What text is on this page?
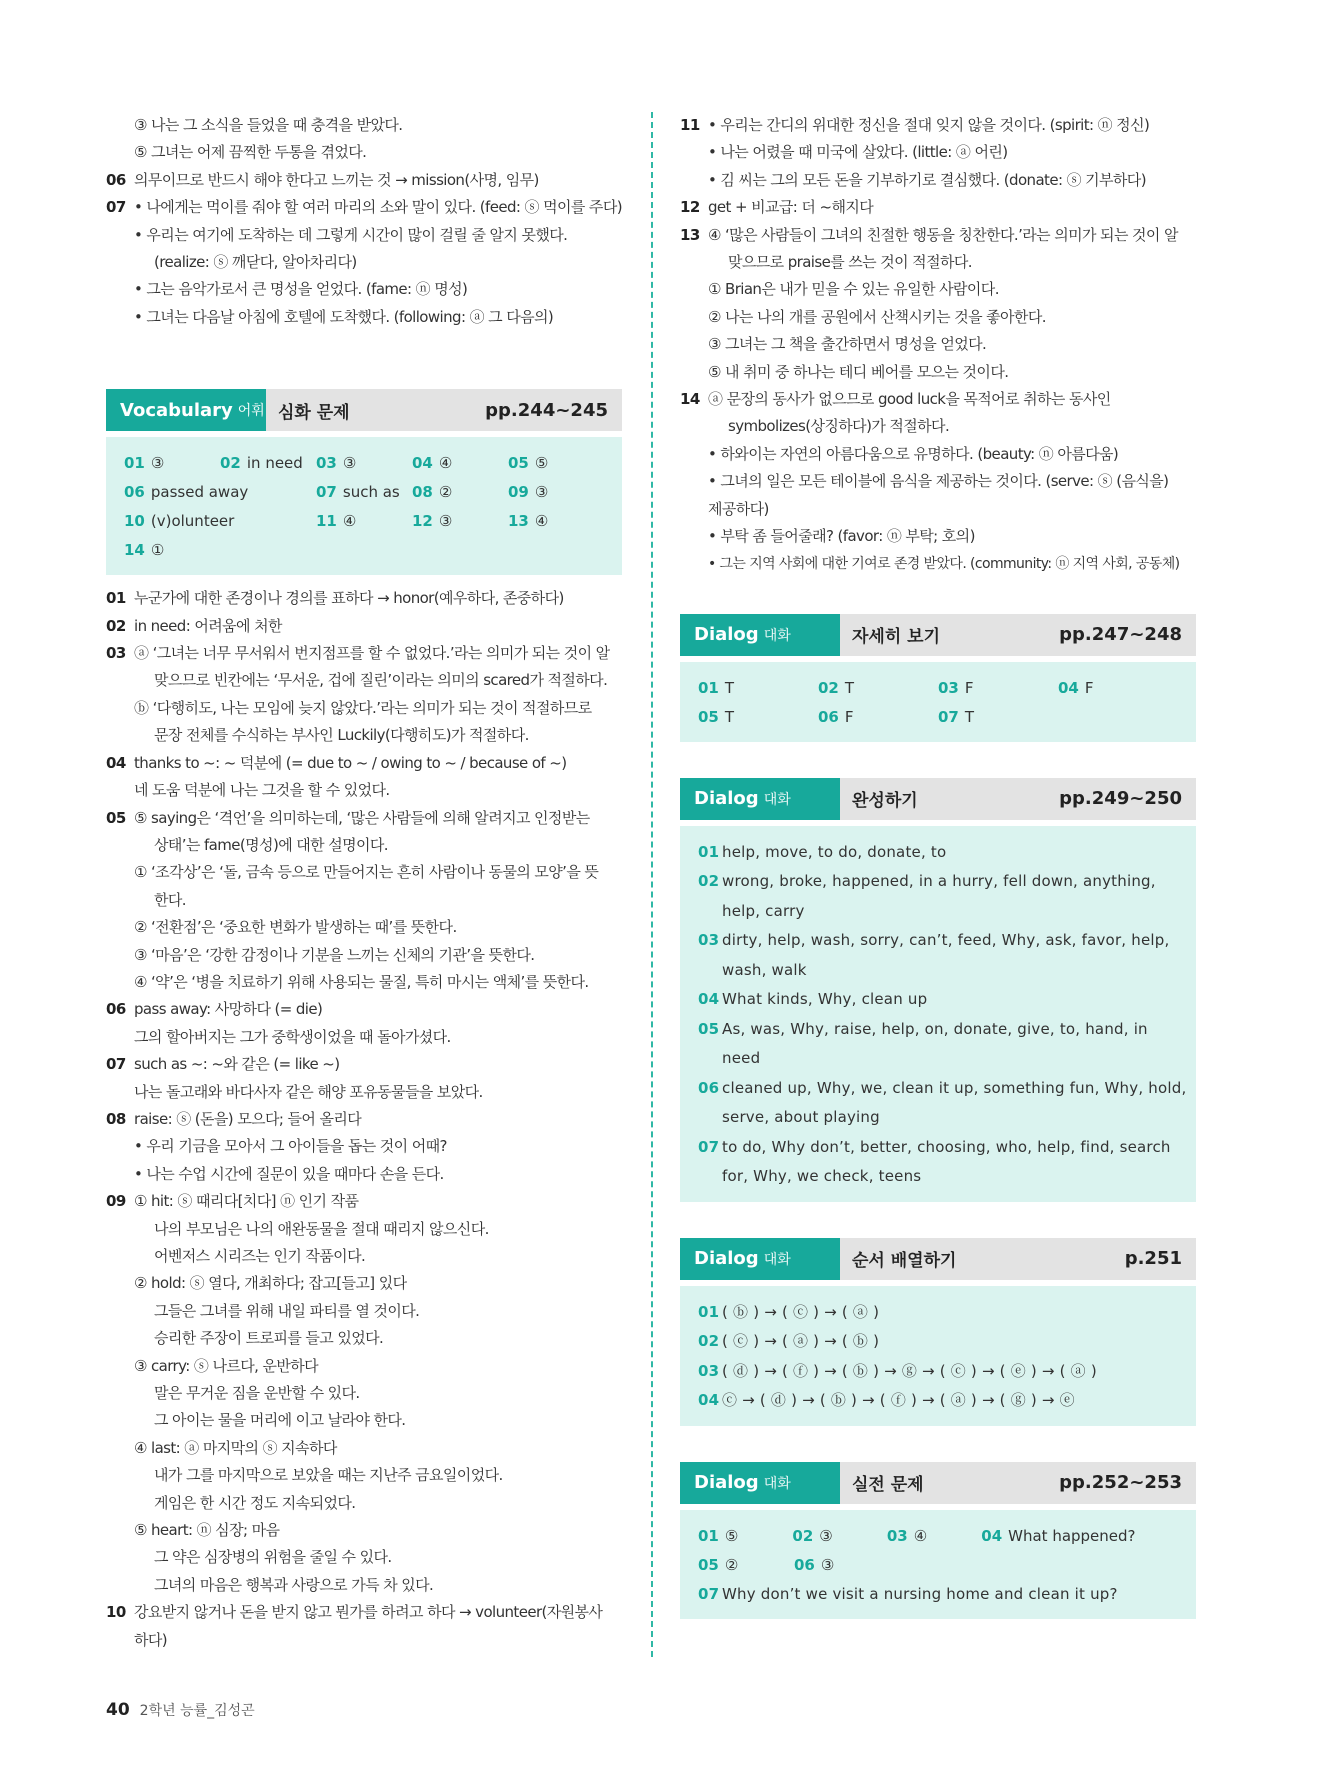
③ 나는 그 소식을 들었을 때 충격을 받았다.
⑤ 그녀는 어제 끔찍한 두통을 겪었다.
06 의무이므로 반드시 해야 한다고 느끼는 것 → mission(사명, 임무)
07 • 나에게는 먹이를 줘야 할 여러 마리의 소와 말이 있다. (feed: ⓢ 먹이를 주다)
• 우리는 여기에 도착하는 데 그렇게 시간이 많이 걸릴 줄 알지 못했다.
(realize: ⓢ 깨닫다, 알아차리다)
• 그는 음악가로서 큰 명성을 얻었다. (fame: ⓝ 명성)
• 그녀는 다음날 아침에 호텔에 도착했다. (following: ⓐ 그 다음의)
Vocabulary 어휘 심화 문제	pp.244~245
01 ③	02 in need 03 ③	04 ④	05 ⑤
06 passed away	07 such as 08 ②	09 ③
10 (v)olunteer	11 ④	12 ③	13 ④
14 ①
01 누군가에 대한 존경이나 경의를 표하다 → honor(예우하다, 존중하다)
02 in need: 어려움에 처한
03 ⓐ ‘그녀는 너무 무서워서 번지점프를 할 수 없었다.’라는 의미가 되는 것이 알
맞으므로 빈칸에는 ‘무서운, 겁에 질린’이라는 의미의 scared가 적절하다.
ⓑ ‘다행히도, 나는 모임에 늦지 않았다.’라는 의미가 되는 것이 적절하므로
문장 전체를 수식하는 부사인 Luckily(다행히도)가 적절하다.
04 thanks to ~: ~ 덕분에 (= due to ~ / owing to ~ / because of ~)
네 도움 덕분에 나는 그것을 할 수 있었다.
05 ⑤ saying은 ‘격언’을 의미하는데, ‘많은 사람들에 의해 알려지고 인정받는
상태’는 fame(명성)에 대한 설명이다.
① ‘조각상’은 ‘돌, 금속 등으로 만들어지는 흔히 사람이나 동물의 모양’을 뜻
한다.
② ‘전환점’은 ‘중요한 변화가 발생하는 때’를 뜻한다.
③ ‘마음’은 ‘강한 감정이나 기분을 느끼는 신체의 기관’을 뜻한다.
④ ‘약’은 ‘병을 치료하기 위해 사용되는 물질, 특히 마시는 액체’를 뜻한다.
06 pass away: 사망하다 (= die)
그의 할아버지는 그가 중학생이었을 때 돌아가셨다.
07 such as ~: ~와 같은 (= like ~)
나는 돌고래와 바다사자 같은 해양 포유동물들을 보았다.
08 raise: ⓢ (돈을) 모으다; 들어 올리다
• 우리 기금을 모아서 그 아이들을 돕는 것이 어때?
• 나는 수업 시간에 질문이 있을 때마다 손을 든다.
09 ① hit: ⓢ 때리다[치다] ⓝ 인기 작품
나의 부모님은 나의 애완동물을 절대 때리지 않으신다.
어벤저스 시리즈는 인기 작품이다.
② hold: ⓢ 열다, 개최하다; 잡고[들고] 있다
그들은 그녀를 위해 내일 파티를 열 것이다.
승리한 주장이 트로피를 들고 있었다.
③ carry: ⓢ 나르다, 운반하다
말은 무거운 짐을 운반할 수 있다.
그 아이는 물을 머리에 이고 날라야 한다.
④ last: ⓐ 마지막의 ⓢ 지속하다
내가 그를 마지막으로 보았을 때는 지난주 금요일이었다.
게임은 한 시간 정도 지속되었다.
⑤ heart: ⓝ 심장; 마음
그 약은 심장병의 위험을 줄일 수 있다.
그녀의 마음은 행복과 사랑으로 가득 차 있다.
10 강요받지 않거나 돈을 받지 않고 뭔가를 하려고 하다 → volunteer(자원봉사
하다)
11 • 우리는 간디의 위대한 정신을 절대 잊지 않을 것이다. (spirit: ⓝ 정신)
• 나는 어렸을 때 미국에 살았다. (little: ⓐ 어린)
• 김 씨는 그의 모든 돈을 기부하기로 결심했다. (donate: ⓢ 기부하다)
12 get + 비교급: 더 ~해지다
13 ④ ‘많은 사람들이 그녀의 친절한 행동을 칭찬한다.’라는 의미가 되는 것이 알
맞으므로 praise를 쓰는 것이 적절하다.
① Brian은 내가 믿을 수 있는 유일한 사람이다.
② 나는 나의 개를 공원에서 산책시키는 것을 좋아한다.
③ 그녀는 그 책을 출간하면서 명성을 얻었다.
⑤ 내 취미 중 하나는 테디 베어를 모으는 것이다.
14 ⓐ 문장의 동사가 없으므로 good luck을 목적어로 취하는 동사인
symbolizes(상징하다)가 적절하다.
• 하와이는 자연의 아름다움으로 유명하다. (beauty: ⓝ 아름다움)
• 그녀의 일은 모든 테이블에 음식을 제공하는 것이다. (serve: ⓢ (음식을)
제공하다)
• 부탁 좀 들어줄래? (favor: ⓝ 부탁; 호의)
• 그는 지역 사회에 대한 기여로 존경 받았다. (community: ⓝ 지역 사회, 공동체)
Dialog 대화	자세히 보기	pp.247~248
01 T	02 T	03 F	04 F
05 T	06 F	07 T
Dialog 대화	완성하기	pp.249~250
01 help, move, to do, donate, to
02 wrong, broke, happened, in a hurry, fell down, anything,
help, carry
03 dirty, help, wash, sorry, can’t, feed, Why, ask, favor, help,
wash, walk
04 What kinds, Why, clean up
05 As, was, Why, raise, help, on, donate, give, to, hand, in
need
06 cleaned up, Why, we, clean it up, something fun, Why, hold,
serve, about playing
07 to do, Why don’t, better, choosing, who, help, find, search
for, Why, we check, teens
Dialog 대화	순서 배열하기	p.251
01 ( ⓑ ) → ( ⓒ ) → ( ⓐ )
02 ( ⓒ ) → ( ⓐ ) → ( ⓑ )
03 ( ⓓ ) → ( ⓕ ) → ( ⓑ ) → ⓖ → ( ⓒ ) → ( ⓔ ) → ( ⓐ )
04 ⓒ → ( ⓓ ) → ( ⓑ ) → ( ⓕ ) → ( ⓐ ) → ( ⓖ ) → ⓔ
Dialog 대화	실전 문제	pp.252~253
01 ⑤	02 ③	03 ④	04 What happened?
05 ②	06 ③
07 Why don’t we visit a nursing home and clean it up?
40 2학년 능률_김성곤
